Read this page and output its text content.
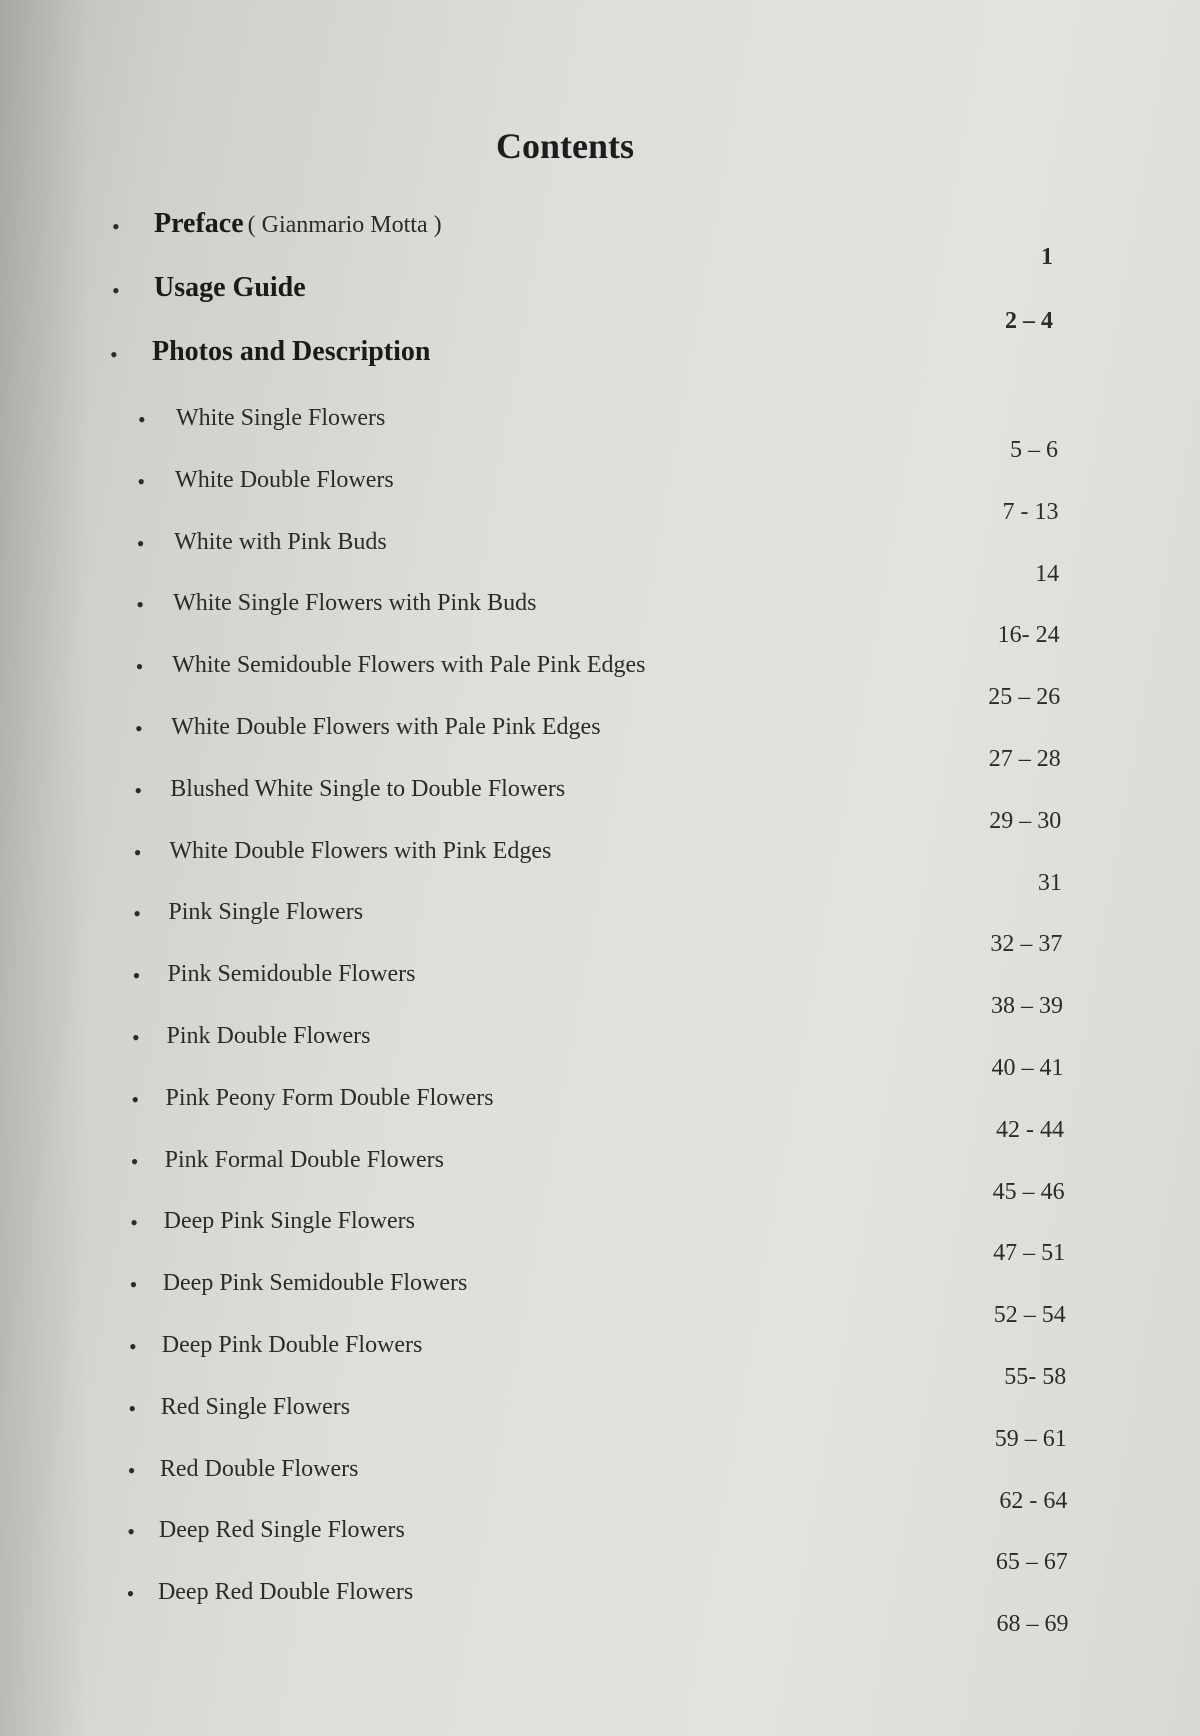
Contents
• Preface ( Gianmario Motta )
1
• Usage Guide
2 – 4
• Photos and Description
• White Single Flowers
5 – 6
• White Double Flowers
7 - 13
• White with Pink Buds
14
• White Single Flowers with Pink Buds
16- 24
• White Semidouble Flowers with Pale Pink Edges
25 – 26
• White Double Flowers with Pale Pink Edges
27 – 28
• Blushed White Single to Double Flowers
29 – 30
• White Double Flowers with Pink Edges
31
• Pink Single Flowers
32 – 37
• Pink Semidouble Flowers
38 – 39
• Pink Double Flowers
40 – 41
• Pink Peony Form Double Flowers
42 - 44
• Pink Formal Double Flowers
45 – 46
• Deep Pink Single Flowers
47 – 51
• Deep Pink Semidouble Flowers
52 – 54
• Deep Pink Double Flowers
55- 58
• Red Single Flowers
59 – 61
• Red Double Flowers
62 - 64
• Deep Red Single Flowers
65 – 67
• Deep Red Double Flowers
68 – 69
